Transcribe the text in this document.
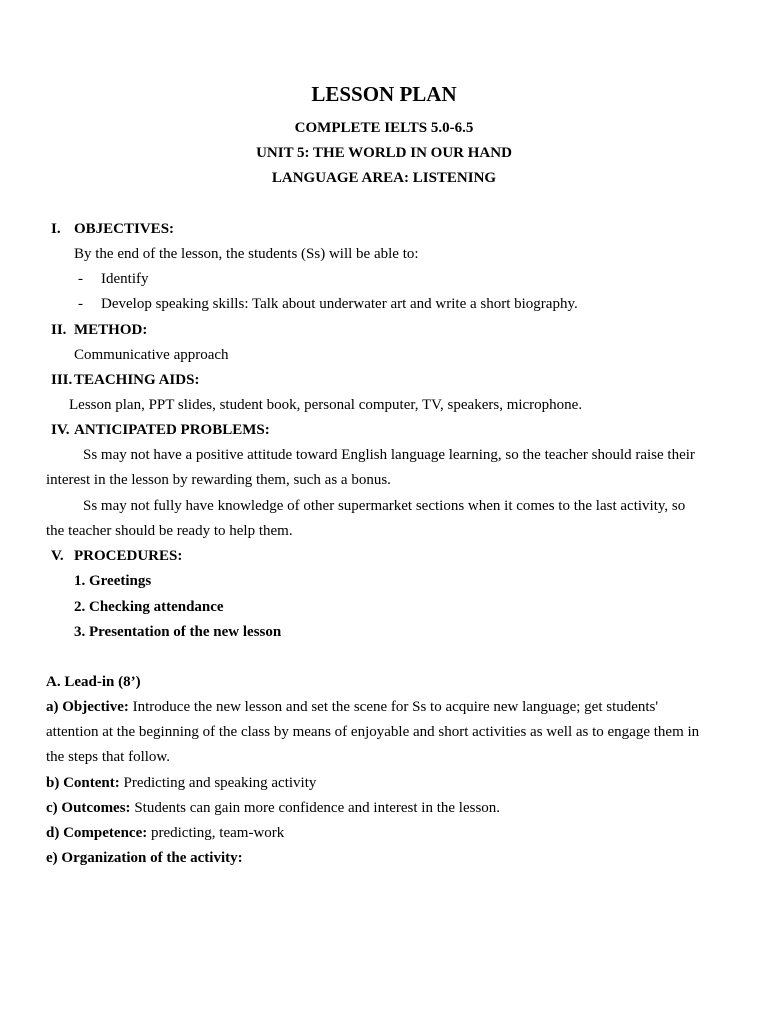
LESSON PLAN
COMPLETE IELTS 5.0-6.5
UNIT 5: THE WORLD IN OUR HAND
LANGUAGE AREA: LISTENING
I. OBJECTIVES:
By the end of the lesson, the students (Ss) will be able to:
- Identify
- Develop speaking skills: Talk about underwater art and write a short biography.
II. METHOD:
Communicative approach
III. TEACHING AIDS:
Lesson plan, PPT slides, student book, personal computer, TV, speakers, microphone.
IV. ANTICIPATED PROBLEMS:
Ss may not have a positive attitude toward English language learning, so the teacher should raise their
interest in the lesson by rewarding them, such as a bonus.
Ss may not fully have knowledge of other supermarket sections when it comes to the last activity, so
the teacher should be ready to help them.
V. PROCEDURES:
1. Greetings
2. Checking attendance
3. Presentation of the new lesson
A. Lead-in (8’)
a) Objective: Introduce the new lesson and set the scene for Ss to acquire new language; get students'
attention at the beginning of the class by means of enjoyable and short activities as well as to engage them in
the steps that follow.
b) Content: Predicting and speaking activity
c) Outcomes: Students can gain more confidence and interest in the lesson.
d) Competence: predicting, team-work
e) Organization of the activity:
